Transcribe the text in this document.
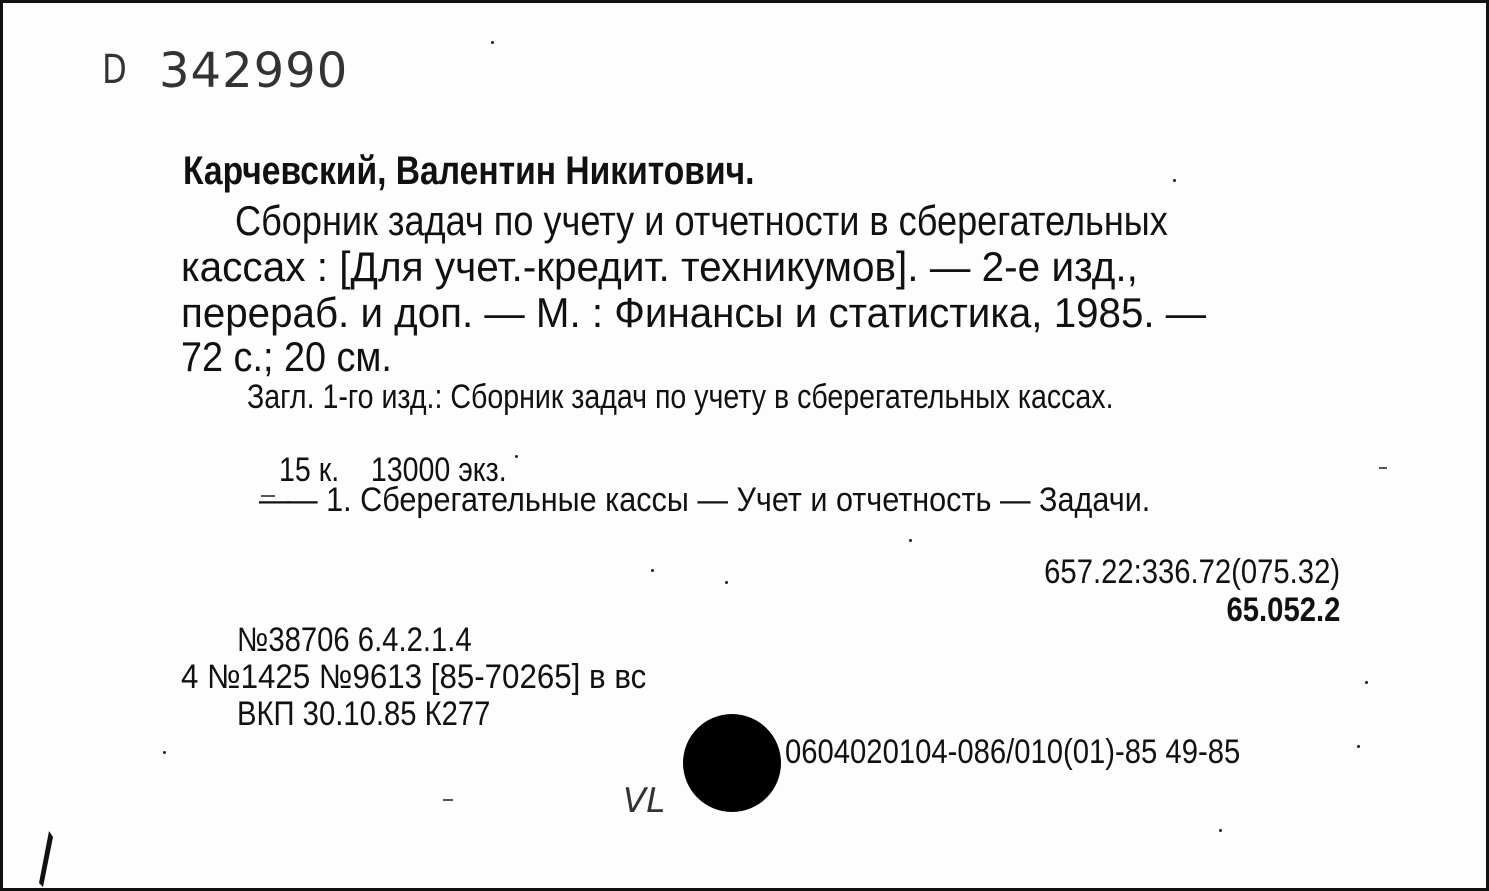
D 342990
Карчевский, Валентин Никитович.
Сборник задач по учету и отчетности в сберегательных
кассах : [Для учет.-кредит. техникумов]. — 2-е изд.,
перераб. и доп. — М. : Финансы и статистика, 1985. —
72 с.; 20 см.
Загл. 1-го изд.: Сборник задач по учету в сберегательных кассах.

15 к.    13000 экз.

—— 1. Сберегательные кассы — Учет и отчетность — Задачи.
657.22:336.72(075.32)
65.052.2
№38706 6.4.2.1.4
4 №1425 №9613 [85-70265] в вс
ВКП 30.10.85 К277
0604020104-086/010(01)-85 49-85
VL
